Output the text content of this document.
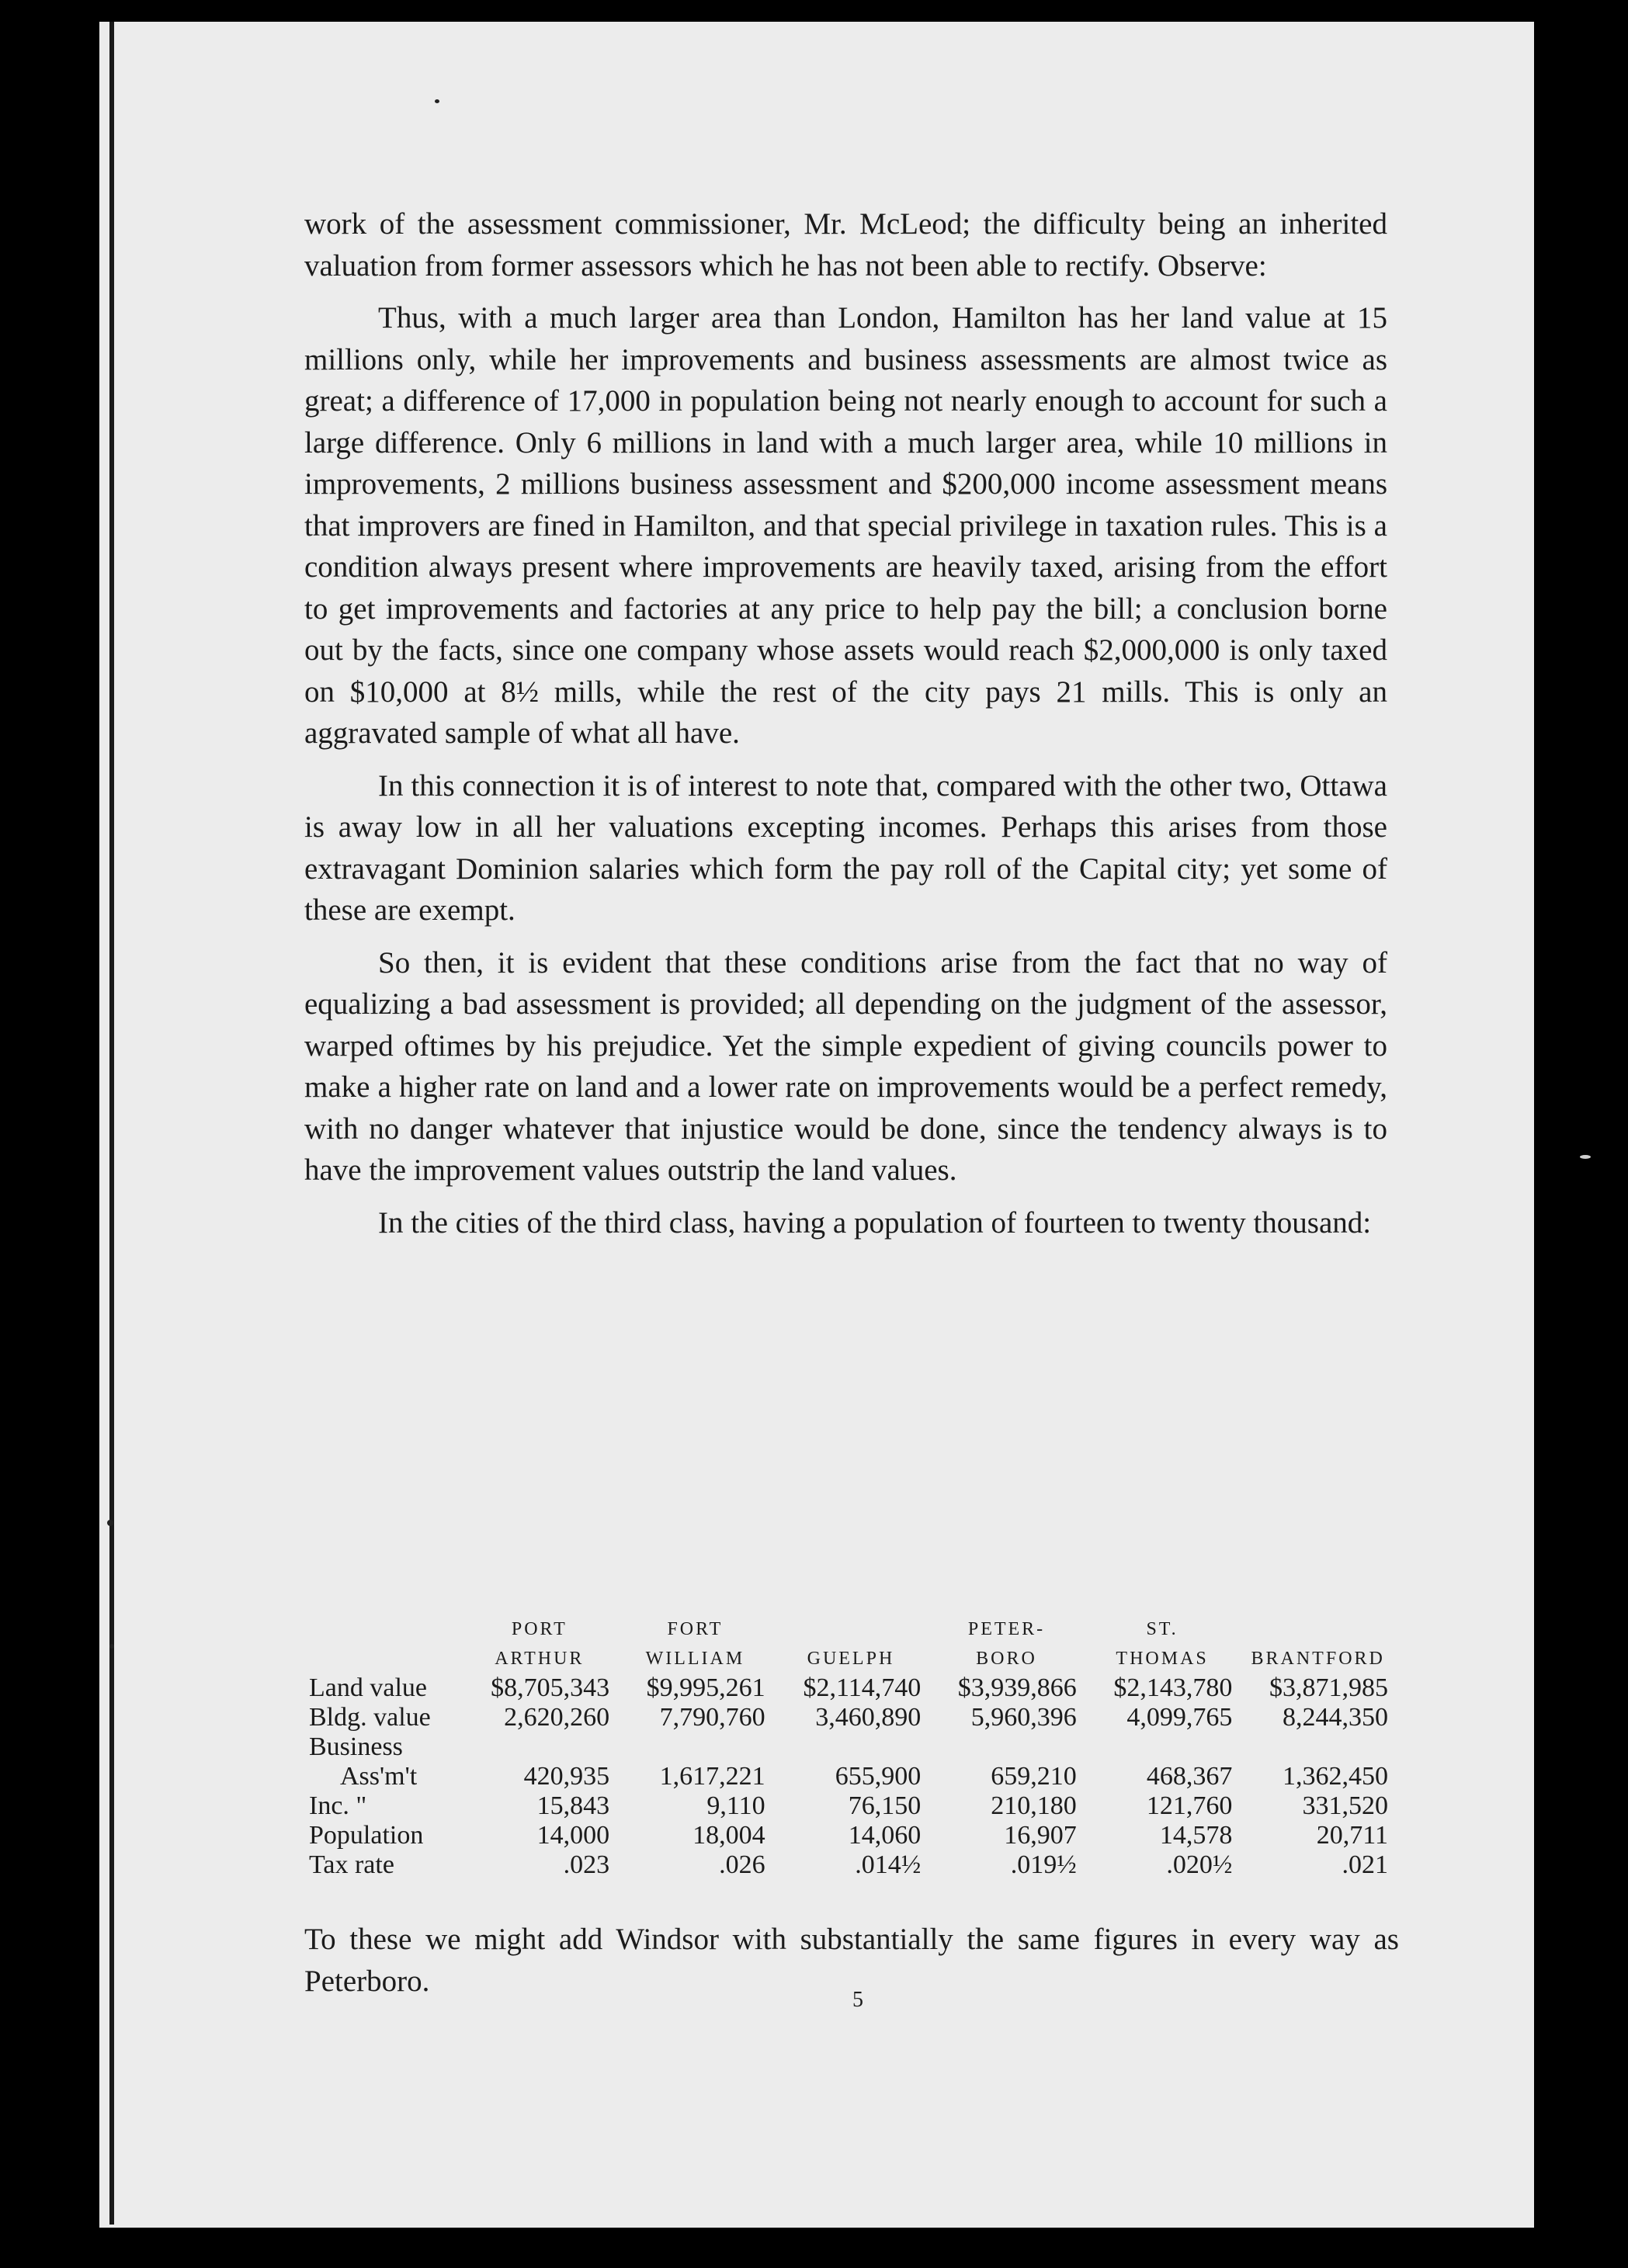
work of the assessment commissioner, Mr. McLeod; the difficulty being an inherited valuation from former assessors which he has not been able to rectify. Observe:

Thus, with a much larger area than London, Hamilton has her land value at 15 millions only, while her improvements and business assessments are almost twice as great; a difference of 17,000 in population being not nearly enough to account for such a large difference. Only 6 millions in land with a much larger area, while 10 millions in improvements, 2 millions business assessment and $200,000 income assessment means that improvers are fined in Hamilton, and that special privilege in taxation rules. This is a condition always present where improvements are heavily taxed, arising from the effort to get improvements and factories at any price to help pay the bill; a conclusion borne out by the facts, since one company whose assets would reach $2,000,000 is only taxed on $10,000 at 8½ mills, while the rest of the city pays 21 mills. This is only an aggravated sample of what all have.

In this connection it is of interest to note that, compared with the other two, Ottawa is away low in all her valuations excepting incomes. Perhaps this arises from those extravagant Dominion salaries which form the pay roll of the Capital city; yet some of these are exempt.

So then, it is evident that these conditions arise from the fact that no way of equalizing a bad assessment is provided; all depending on the judgment of the assessor, warped oftimes by his prejudice. Yet the simple expedient of giving councils power to make a higher rate on land and a lower rate on improvements would be a perfect remedy, with no danger whatever that injustice would be done, since the tendency always is to have the improvement values outstrip the land values.

In the cities of the third class, having a population of fourteen to twenty thousand:

	PORT	FORT		PETER-	ST.	
	ARTHUR	WILLIAM	GUELPH	BORO	THOMAS	BRANTFORD
Land value	$8,705,343	$9,995,261	$2,114,740	$3,939,866	$2,143,780	$3,871,985
Bldg. value	2,620,260	7,790,760	3,460,890	5,960,396	4,099,765	8,244,350
Business						
Ass'm't	420,935	1,617,221	655,900	659,210	468,367	1,362,450
Inc. "	15,843	9,110	76,150	210,180	121,760	331,520
Population	14,000	18,004	14,060	16,907	14,578	20,711
Tax rate	.023	.026	.014½	.019½	.020½	.021

To these we might add Windsor with substantially the same figures in every way as Peterboro.

5
